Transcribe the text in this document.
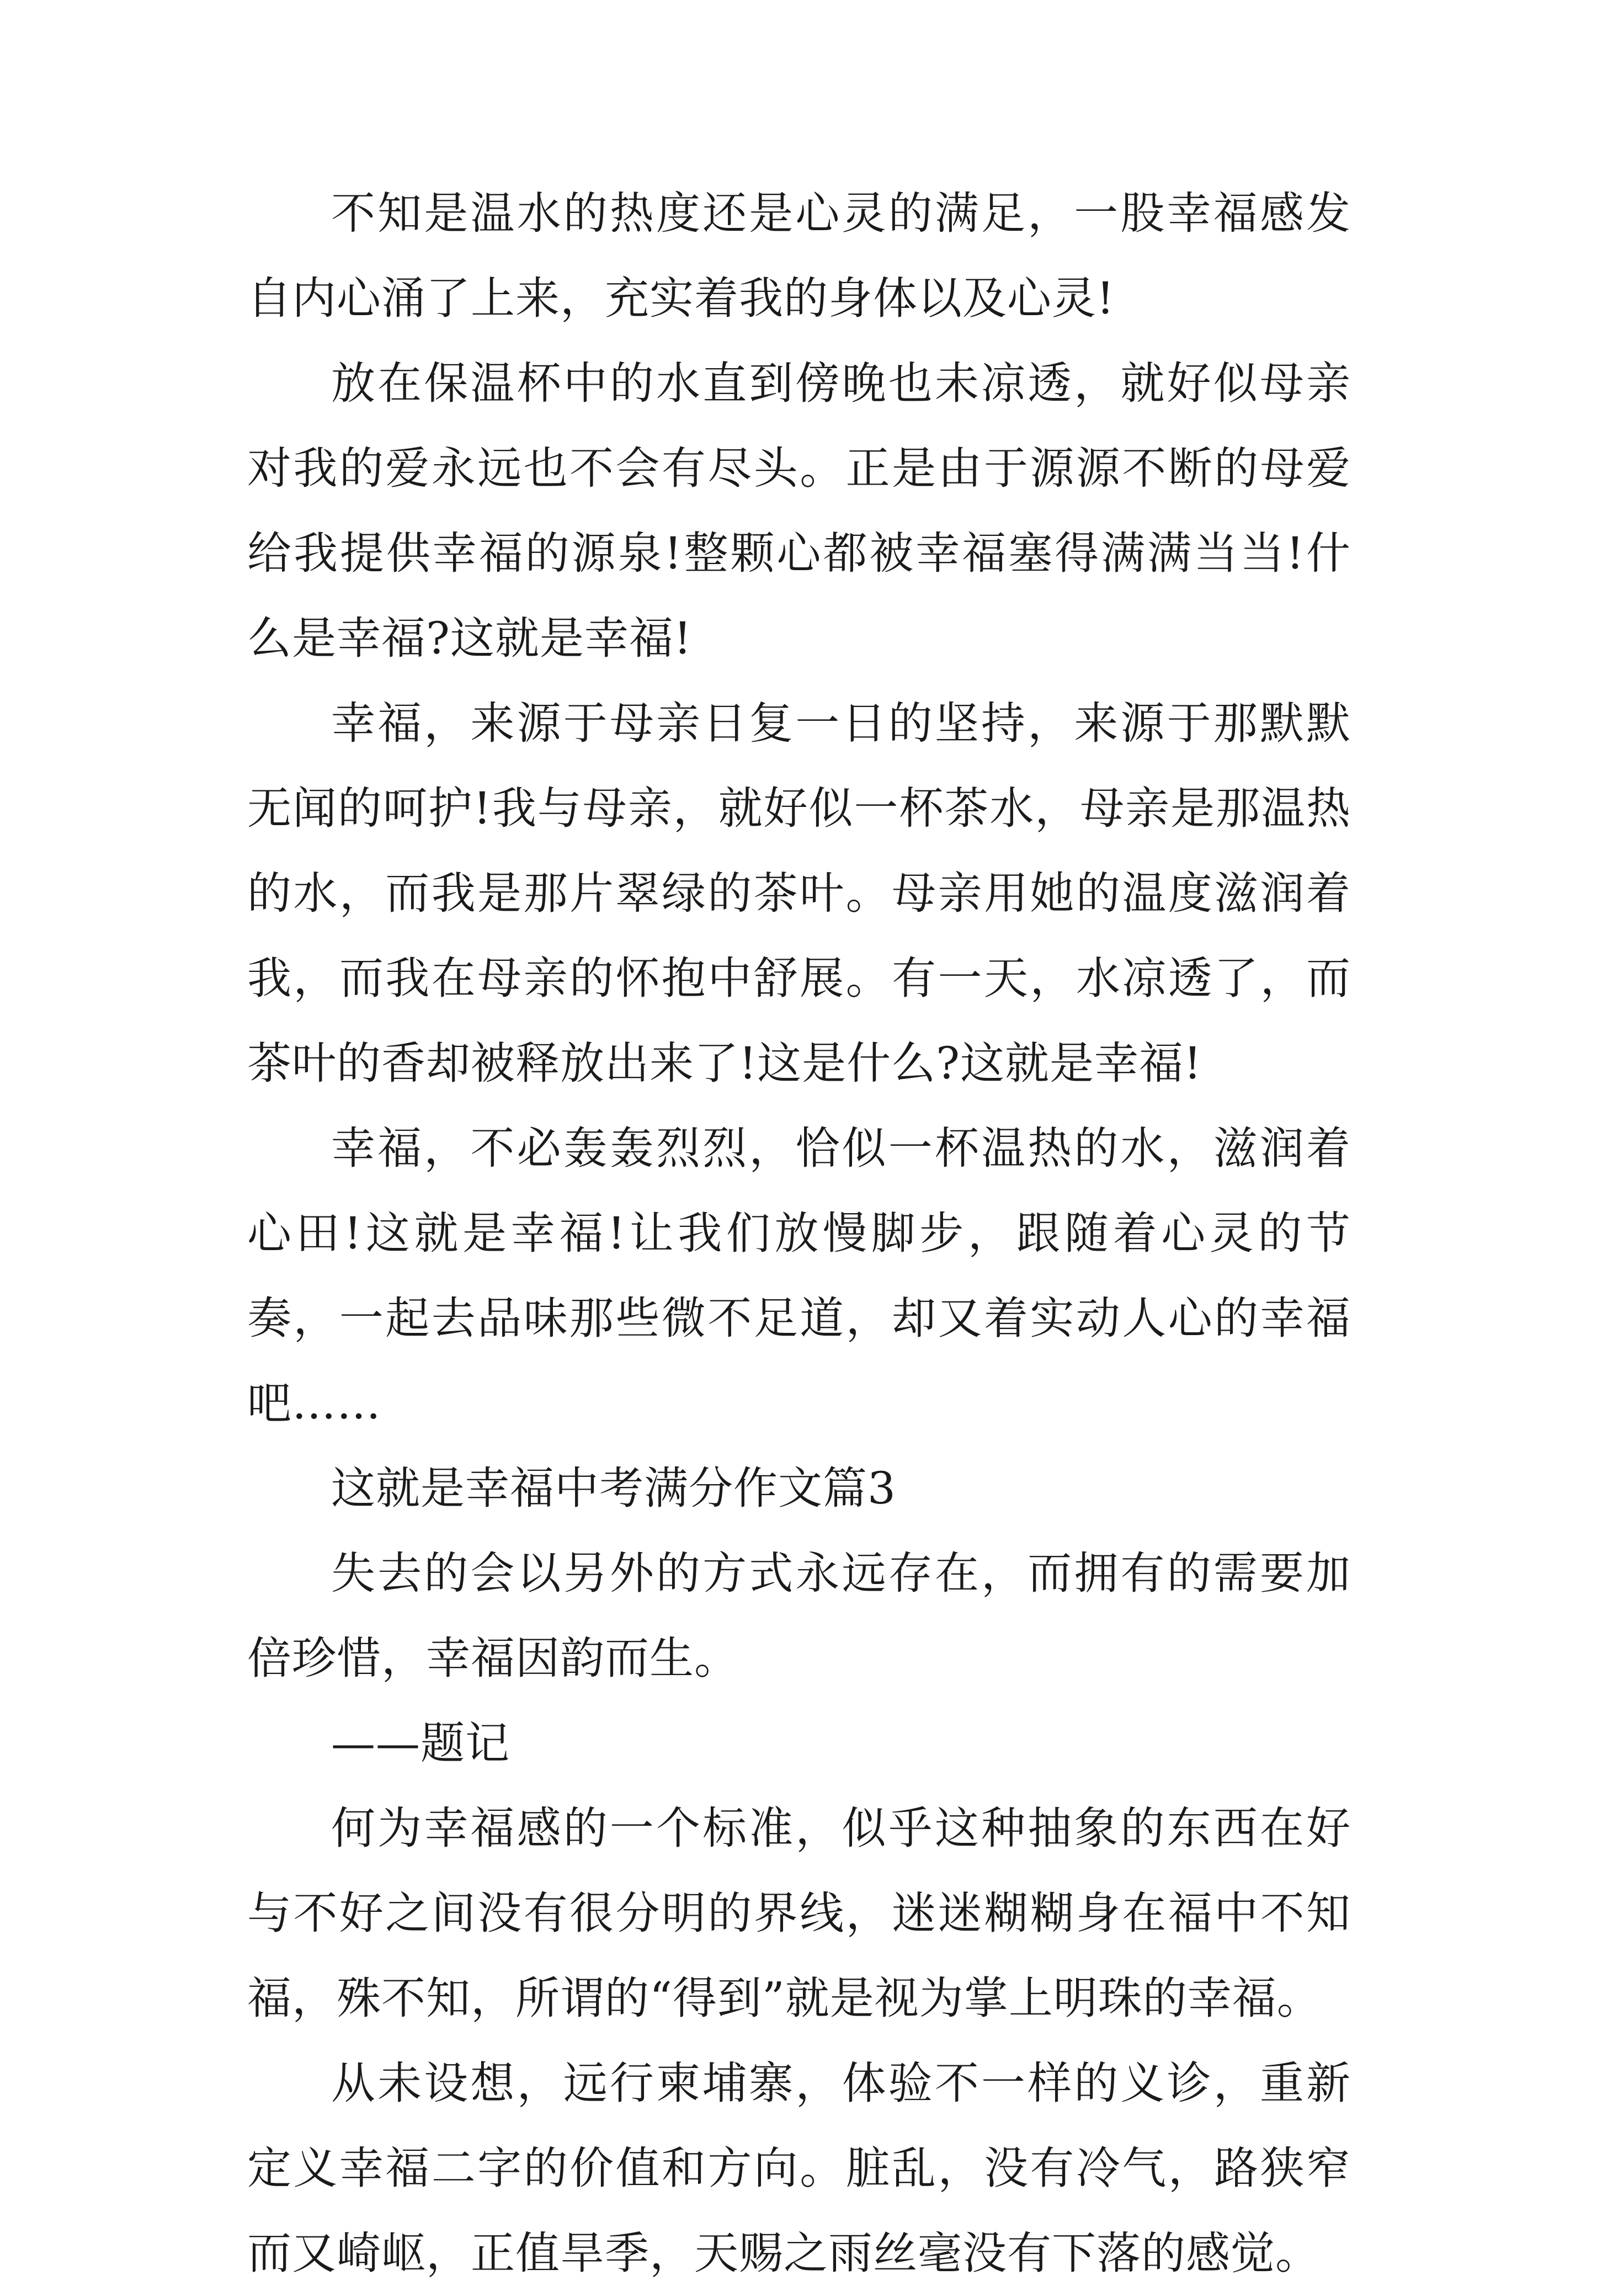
不知是温水的热度还是心灵的满足，一股幸福感发自内心涌了上来，充实着我的身体以及心灵!

放在保温杯中的水直到傍晚也未凉透，就好似母亲对我的爱永远也不会有尽头。正是由于源源不断的母爱给我提供幸福的源泉!整颗心都被幸福塞得满满当当!什么是幸福?这就是幸福!

幸福，来源于母亲日复一日的坚持，来源于那默默无闻的呵护!我与母亲，就好似一杯茶水，母亲是那温热的水，而我是那片翠绿的茶叶。母亲用她的温度滋润着我，而我在母亲的怀抱中舒展。有一天，水凉透了，而茶叶的香却被释放出来了!这是什么?这就是幸福!

幸福，不必轰轰烈烈，恰似一杯温热的水，滋润着心田!这就是幸福!让我们放慢脚步，跟随着心灵的节奏，一起去品味那些微不足道，却又着实动人心的幸福吧……

这就是幸福中考满分作文篇3

失去的会以另外的方式永远存在，而拥有的需要加倍珍惜，幸福因韵而生。

——题记

何为幸福感的一个标准，似乎这种抽象的东西在好与不好之间没有很分明的界线，迷迷糊糊身在福中不知福，殊不知，所谓的“得到”就是视为掌上明珠的幸福。

从未设想，远行柬埔寨，体验不一样的义诊，重新定义幸福二字的价值和方向。脏乱，没有冷气，路狭窄而又崎岖，正值旱季，天赐之雨丝毫没有下落的感觉。
